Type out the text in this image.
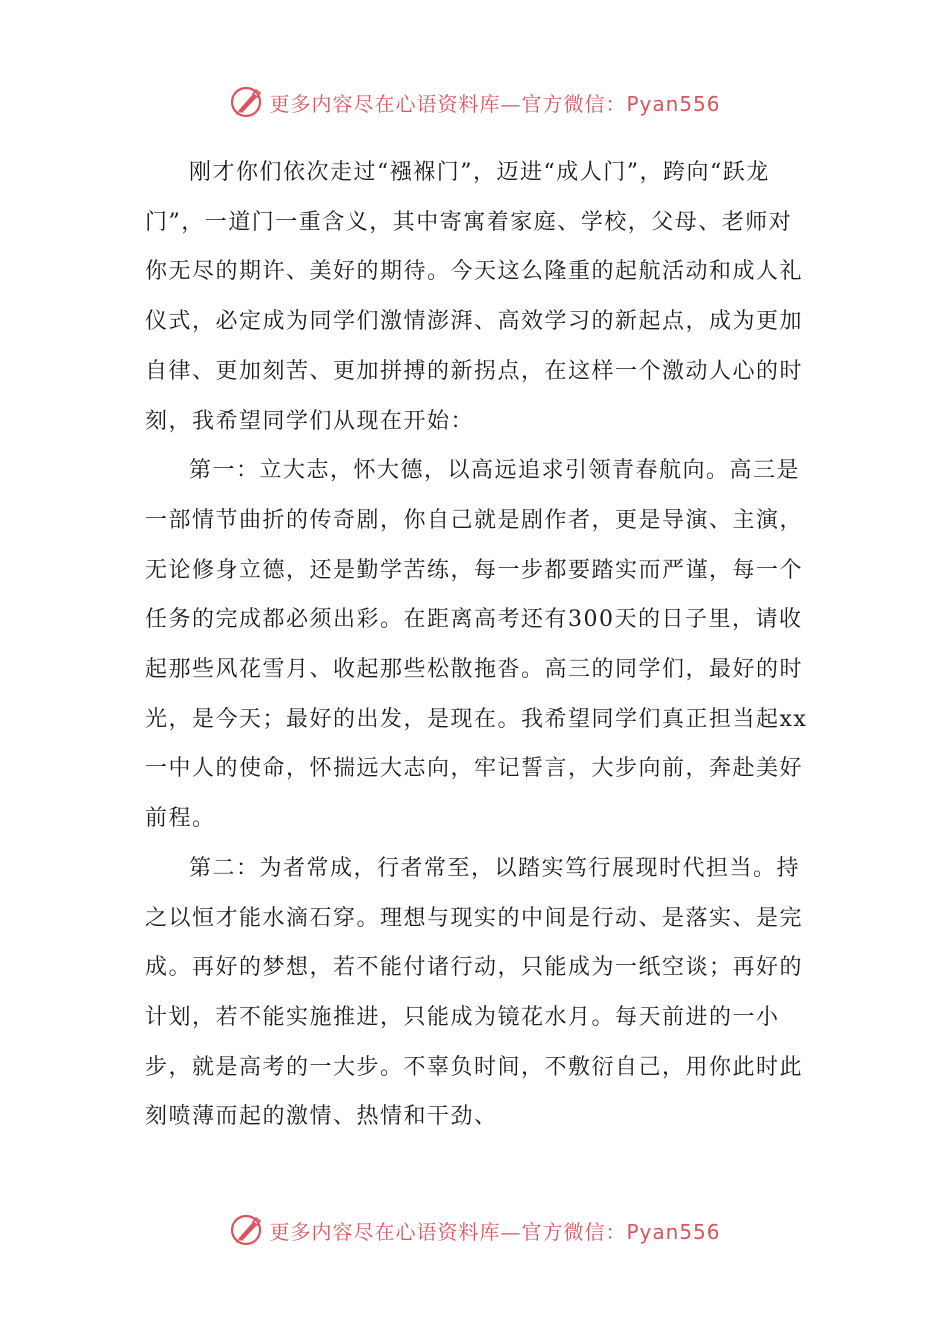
更多内容尽在心语资料库—官方微信：Pyan556

刚才你们依次走过“襁褓门”，迈进“成人门”，跨向“跃龙门”，一道门一重含义，其中寄寓着家庭、学校，父母、老师对你无尽的期许、美好的期待。今天这么隆重的起航活动和成人礼仪式，必定成为同学们激情澎湃、高效学习的新起点，成为更加自律、更加刻苦、更加拼搏的新拐点，在这样一个激动人心的时刻，我希望同学们从现在开始：

第一：立大志，怀大德，以高远追求引领青春航向。高三是一部情节曲折的传奇剧，你自己就是剧作者，更是导演、主演，无论修身立德，还是勤学苦练，每一步都要踏实而严谨，每一个任务的完成都必须出彩。在距离高考还有300天的日子里，请收起那些风花雪月、收起那些松散拖沓。高三的同学们，最好的时光，是今天；最好的出发，是现在。我希望同学们真正担当起xx一中人的使命，怀揣远大志向，牢记誓言，大步向前，奔赴美好前程。

第二：为者常成，行者常至，以踏实笃行展现时代担当。持之以恒才能水滴石穿。理想与现实的中间是行动、是落实、是完成。再好的梦想，若不能付诸行动，只能成为一纸空谈；再好的计划，若不能实施推进，只能成为镜花水月。每天前进的一小步，就是高考的一大步。不辜负时间，不敷衍自己，用你此时此刻喷薄而起的激情、热情和干劲、

更多内容尽在心语资料库—官方微信：Pyan556
